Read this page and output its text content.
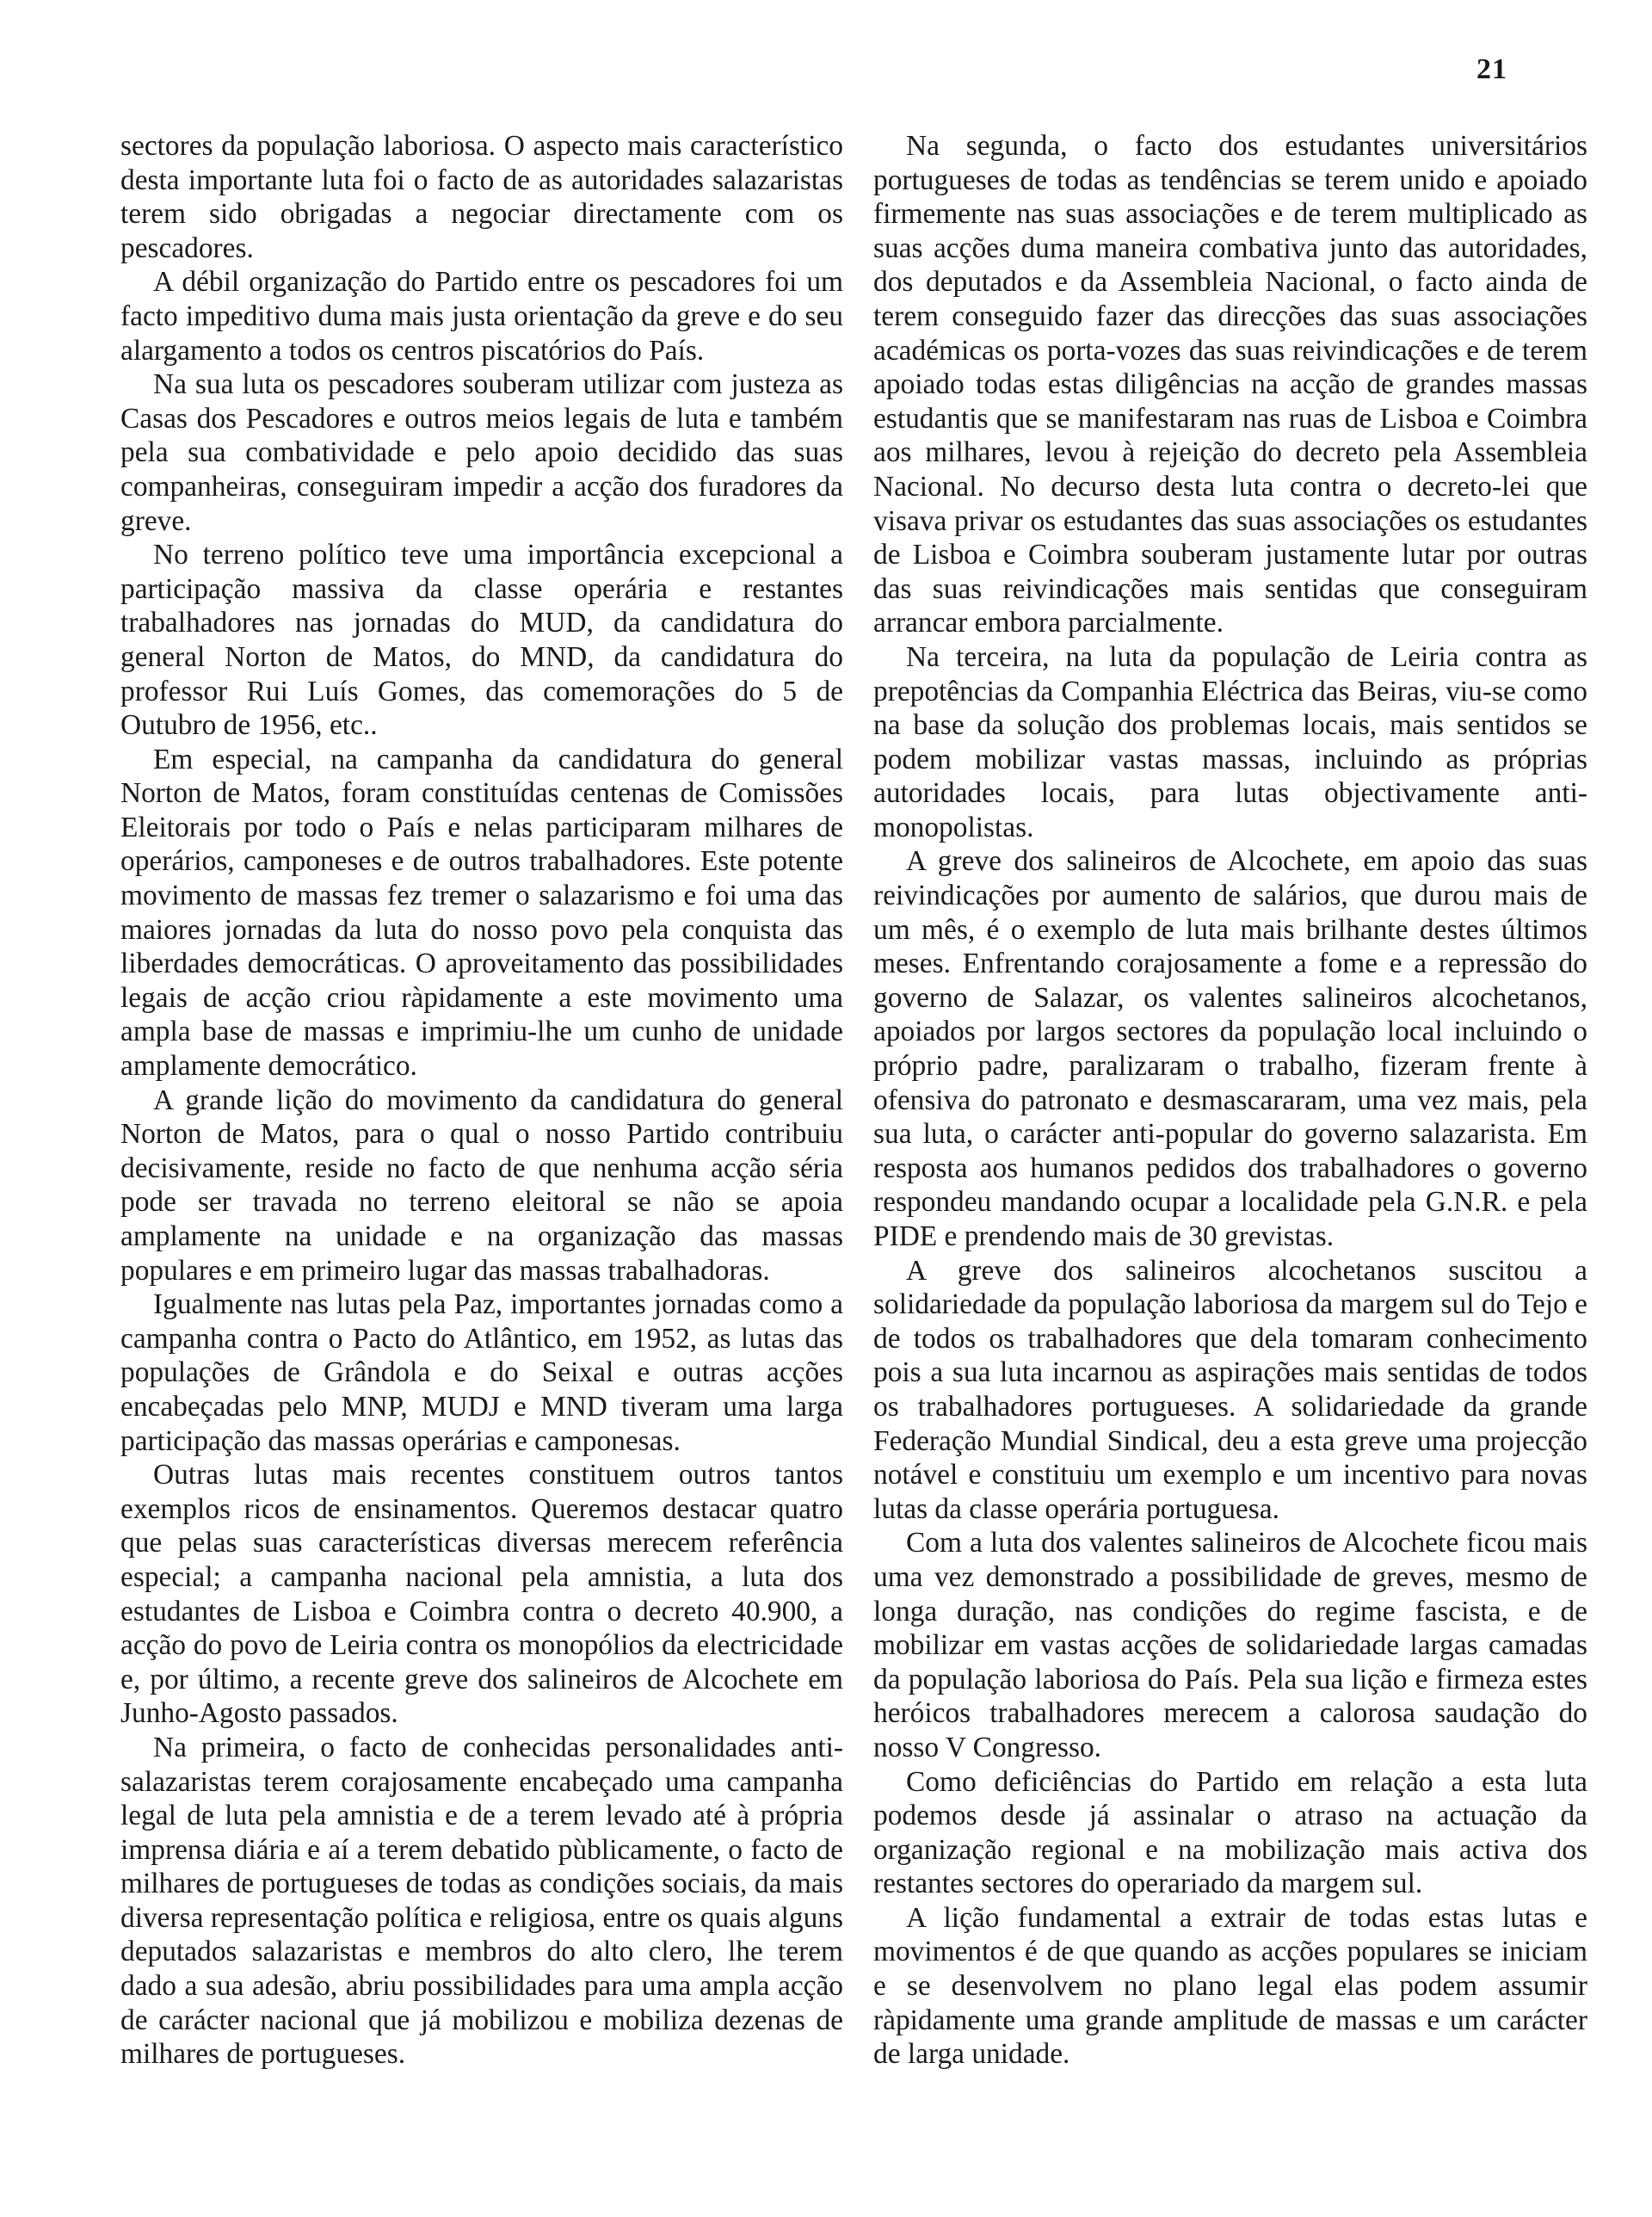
21

sectores da população laboriosa. O aspecto mais característico desta importante luta foi o facto de as autoridades salazaristas terem sido obrigadas a negociar directamente com os pescadores.

A débil organização do Partido entre os pescadores foi um facto impeditivo duma mais justa orientação da greve e do seu alargamento a todos os centros piscatórios do País.

Na sua luta os pescadores souberam utilizar com justeza as Casas dos Pescadores e outros meios legais de luta e também pela sua combatividade e pelo apoio decidido das suas companheiras, conseguiram impedir a acção dos furadores da greve.

No terreno político teve uma importância excepcional a participação massiva da classe operária e restantes trabalhadores nas jornadas do MUD, da candidatura do general Norton de Matos, do MND, da candidatura do professor Rui Luís Gomes, das comemorações do 5 de Outubro de 1956, etc..

Em especial, na campanha da candidatura do general Norton de Matos, foram constituídas centenas de Comissões Eleitorais por todo o País e nelas participaram milhares de operários, camponeses e de outros trabalhadores. Este potente movimento de massas fez tremer o salazarismo e foi uma das maiores jornadas da luta do nosso povo pela conquista das liberdades democráticas. O aproveitamento das possibilidades legais de acção criou ràpidamente a este movimento uma ampla base de massas e imprimiu-lhe um cunho de unidade amplamente democrático.

A grande lição do movimento da candidatura do general Norton de Matos, para o qual o nosso Partido contribuiu decisivamente, reside no facto de que nenhuma acção séria pode ser travada no terreno eleitoral se não se apoia amplamente na unidade e na organização das massas populares e em primeiro lugar das massas trabalhadoras.

Igualmente nas lutas pela Paz, importantes jornadas como a campanha contra o Pacto do Atlântico, em 1952, as lutas das populações de Grândola e do Seixal e outras acções encabeçadas pelo MNP, MUDJ e MND tiveram uma larga participação das massas operárias e camponesas.

Outras lutas mais recentes constituem outros tantos exemplos ricos de ensinamentos. Queremos destacar quatro que pelas suas características diversas merecem referência especial; a campanha nacional pela amnistia, a luta dos estudantes de Lisboa e Coimbra contra o decreto 40.900, a acção do povo de Leiria contra os monopólios da electricidade e, por último, a recente greve dos salineiros de Alcochete em Junho-Agosto passados.

Na primeira, o facto de conhecidas personalidades anti-salazaristas terem corajosamente encabeçado uma campanha legal de luta pela amnistia e de a terem levado até à própria imprensa diária e aí a terem debatido pùblicamente, o facto de milhares de portugueses de todas as condições sociais, da mais diversa representação política e religiosa, entre os quais alguns deputados salazaristas e membros do alto clero, lhe terem dado a sua adesão, abriu possibilidades para uma ampla acção de carácter nacional que já mobilizou e mobiliza dezenas de milhares de portugueses.

Na segunda, o facto dos estudantes universitários portugueses de todas as tendências se terem unido e apoiado firmemente nas suas associações e de terem multiplicado as suas acções duma maneira combativa junto das autoridades, dos deputados e da Assembleia Nacional, o facto ainda de terem conseguido fazer das direcções das suas associações académicas os porta-vozes das suas reivindicações e de terem apoiado todas estas diligências na acção de grandes massas estudantis que se manifestaram nas ruas de Lisboa e Coimbra aos milhares, levou à rejeição do decreto pela Assembleia Nacional. No decurso desta luta contra o decreto-lei que visava privar os estudantes das suas associações os estudantes de Lisboa e Coimbra souberam justamente lutar por outras das suas reivindicações mais sentidas que conseguiram arrancar embora parcialmente.

Na terceira, na luta da população de Leiria contra as prepotências da Companhia Eléctrica das Beiras, viu-se como na base da solução dos problemas locais, mais sentidos se podem mobilizar vastas massas, incluindo as próprias autoridades locais, para lutas objectivamente anti-monopolistas.

A greve dos salineiros de Alcochete, em apoio das suas reivindicações por aumento de salários, que durou mais de um mês, é o exemplo de luta mais brilhante destes últimos meses. Enfrentando corajosamente a fome e a repressão do governo de Salazar, os valentes salineiros alcochetanos, apoiados por largos sectores da população local incluindo o próprio padre, paralizaram o trabalho, fizeram frente à ofensiva do patronato e desmascararam, uma vez mais, pela sua luta, o carácter anti-popular do governo salazarista. Em resposta aos humanos pedidos dos trabalhadores o governo respondeu mandando ocupar a localidade pela G.N.R. e pela PIDE e prendendo mais de 30 grevistas.

A greve dos salineiros alcochetanos suscitou a solidariedade da população laboriosa da margem sul do Tejo e de todos os trabalhadores que dela tomaram conhecimento pois a sua luta incarnou as aspirações mais sentidas de todos os trabalhadores portugueses. A solidariedade da grande Federação Mundial Sindical, deu a esta greve uma projecção notável e constituiu um exemplo e um incentivo para novas lutas da classe operária portuguesa.

Com a luta dos valentes salineiros de Alcochete ficou mais uma vez demonstrado a possibilidade de greves, mesmo de longa duração, nas condições do regime fascista, e de mobilizar em vastas acções de solidariedade largas camadas da população laboriosa do País. Pela sua lição e firmeza estes heróicos trabalhadores merecem a calorosa saudação do nosso V Congresso.

Como deficiências do Partido em relação a esta luta podemos desde já assinalar o atraso na actuação da organização regional e na mobilização mais activa dos restantes sectores do operariado da margem sul.

A lição fundamental a extrair de todas estas lutas e movimentos é de que quando as acções populares se iniciam e se desenvolvem no plano legal elas podem assumir ràpidamente uma grande amplitude de massas e um carácter de larga unidade.
